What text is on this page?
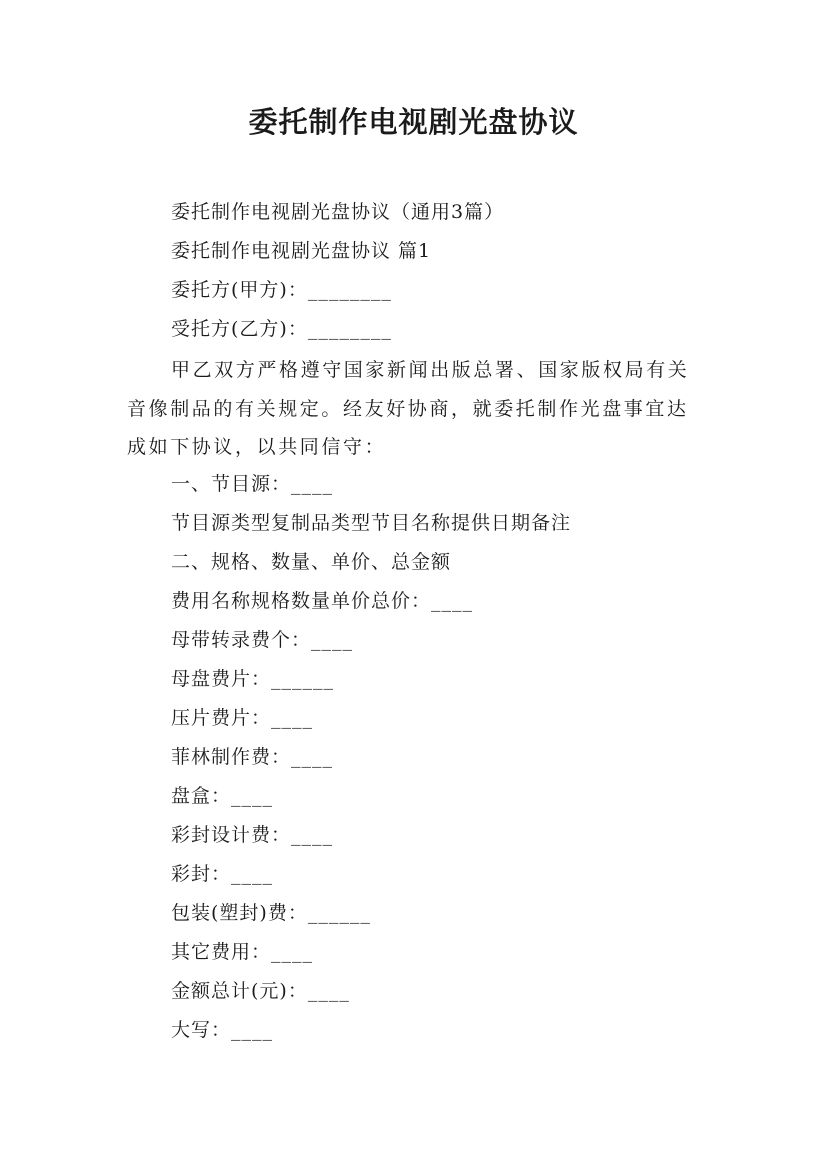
委托制作电视剧光盘协议
委托制作电视剧光盘协议（通用3篇）
委托制作电视剧光盘协议 篇1
委托方(甲方)：________
受托方(乙方)：________
甲乙双方严格遵守国家新闻出版总署、国家版权局有关音像制品的有关规定。经友好协商，就委托制作光盘事宜达成如下协议，以共同信守：
一、节目源：____
节目源类型复制品类型节目名称提供日期备注
二、规格、数量、单价、总金额
费用名称规格数量单价总价：____
母带转录费个：____
母盘费片：______
压片费片：____
菲林制作费：____
盘盒：____
彩封设计费：____
彩封：____
包装(塑封)费：______
其它费用：____
金额总计(元)：____
大写：____
